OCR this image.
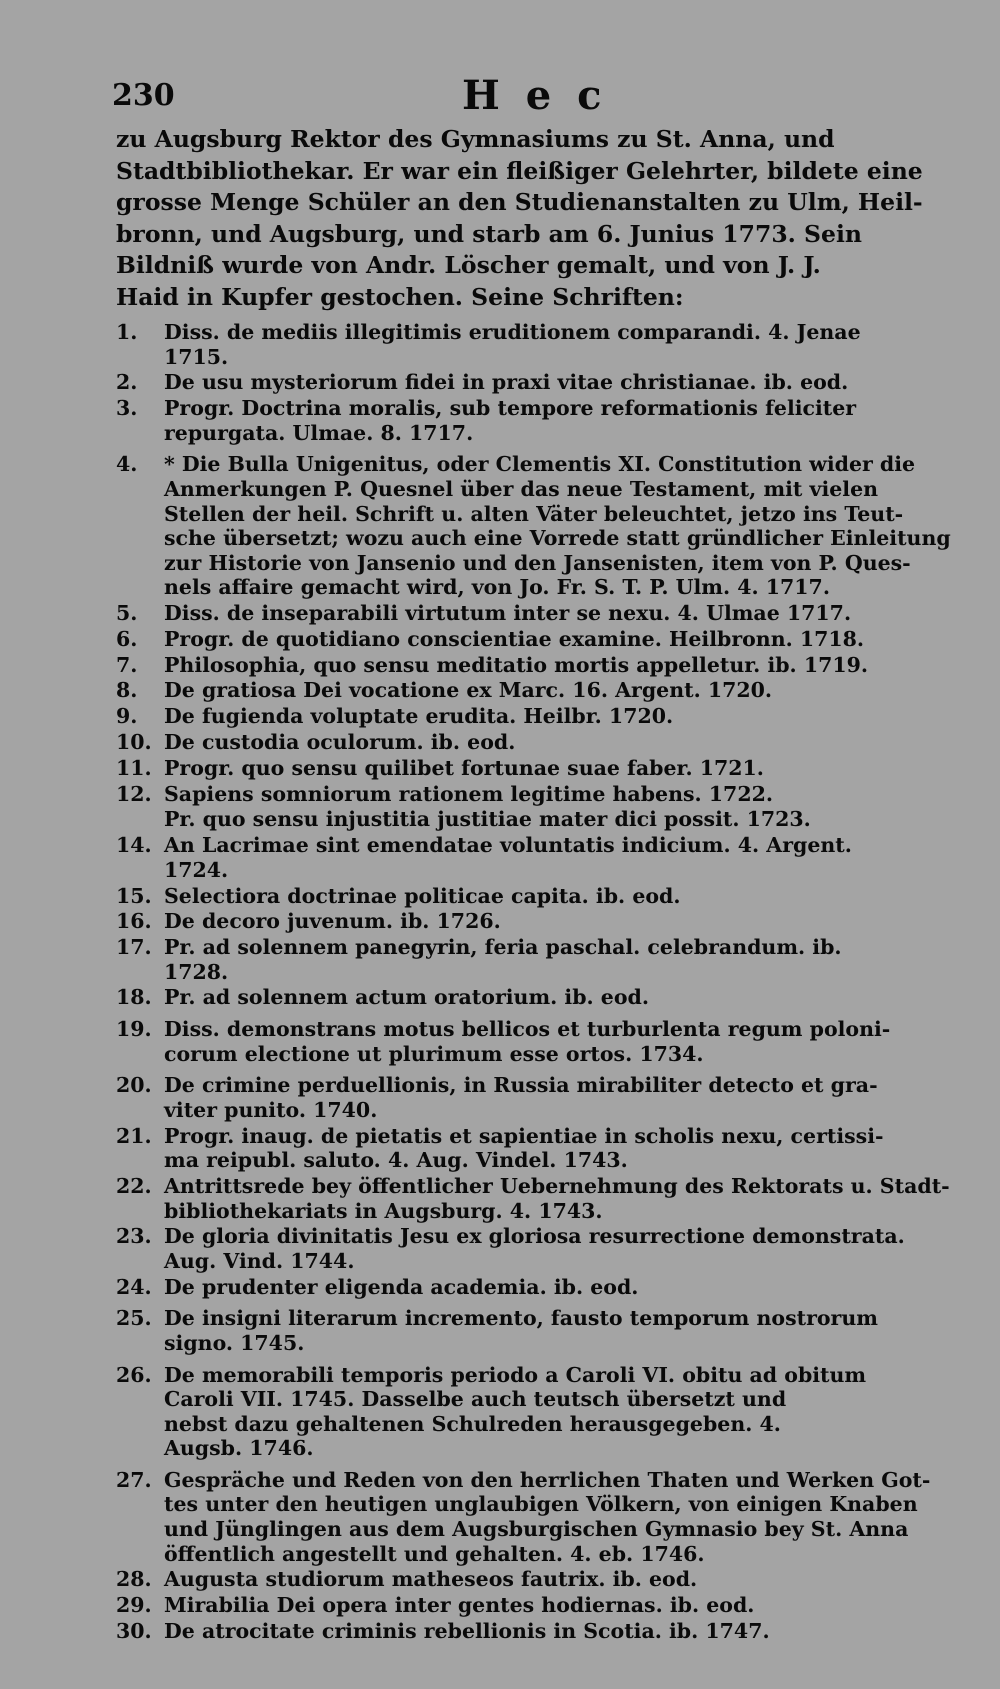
230	H e c

zu Augsburg Rektor des Gymnasiums zu St. Anna, und
Stadtbibliothekar. Er war ein fleißiger Gelehrter, bildete eine
grosse Menge Schüler an den Studienanstalten zu Ulm, Heil-
bronn, und Augsburg, und starb am 6. Junius 1773. Sein
Bildniß wurde von Andr. Löscher gemalt, und von J. J.
Haid in Kupfer gestochen. Seine Schriften:

1.	Diss. de mediis illegitimis eruditionem comparandi. 4. Jenae
1715.
2.	De usu mysteriorum fidei in praxi vitae christianae. ib. eod.
3.	Progr. Doctrina moralis, sub tempore reformationis feliciter
repurgata. Ulmae. 8. 1717.
4.	* Die Bulla Unigenitus, oder Clementis XI. Constitution wider die
Anmerkungen P. Quesnel über das neue Testament, mit vielen
Stellen der heil. Schrift u. alten Väter beleuchtet, jetzo ins Teut-
sche übersetzt; wozu auch eine Vorrede statt gründlicher Einleitung
zur Historie von Jansenio und den Jansenisten, item von P. Ques-
nels affaire gemacht wird, von Jo. Fr. S. T. P. Ulm. 4. 1717.
5.	Diss. de inseparabili virtutum inter se nexu. 4. Ulmae 1717.
6.	Progr. de quotidiano conscientiae examine. Heilbronn. 1718.
7.	Philosophia, quo sensu meditatio mortis appelletur. ib. 1719.
8.	De gratiosa Dei vocatione ex Marc. 16. Argent. 1720.
9.	De fugienda voluptate erudita. Heilbr. 1720.
10. De custodia oculorum. ib. eod.
11. Progr. quo sensu quilibet fortunae suae faber. 1721.
12. Sapiens somniorum rationem legitime habens. 1722.
Pr. quo sensu injustitia justitiae mater dici possit. 1723.
14. An Lacrimae sint emendatae voluntatis indicium. 4. Argent.
1724.
15. Selectiora doctrinae politicae capita. ib. eod.
16. De decoro juvenum. ib. 1726.
17. Pr. ad solennem panegyrin, feria paschal. celebrandum. ib.
1728.
18. Pr. ad solennem actum oratorium. ib. eod.
19. Diss. demonstrans motus bellicos et turburlenta regum poloni-
corum electione ut plurimum esse ortos. 1734.
20. De crimine perduellionis, in Russia mirabiliter detecto et gra-
viter punito. 1740.
21. Progr. inaug. de pietatis et sapientiae in scholis nexu, certissi-
ma reipubl. saluto. 4. Aug. Vindel. 1743.
22. Antrittsrede bey öffentlicher Uebernehmung des Rektorats u. Stadt-
bibliothekariats in Augsburg. 4. 1743.
23. De gloria divinitatis Jesu ex gloriosa resurrectione demonstrata.
Aug. Vind. 1744.
24. De prudenter eligenda academia. ib. eod.
25. De insigni literarum incremento, fausto temporum nostrorum
signo. 1745.
26. De memorabili temporis periodo a Caroli VI. obitu ad obitum
Caroli VII. 1745. Dasselbe auch teutsch übersetzt und
nebst dazu gehaltenen Schulreden herausgegeben. 4.
Augsb. 1746.
27. Gespräche und Reden von den herrlichen Thaten und Werken Got-
tes unter den heutigen unglaubigen Völkern, von einigen Knaben
und Jünglingen aus dem Augsburgischen Gymnasio bey St. Anna
öffentlich angestellt und gehalten. 4. eb. 1746.
28. Augusta studiorum matheseos fautrix. ib. eod.
29. Mirabilia Dei opera inter gentes hodiernas. ib. eod.
30. De atrocitate criminis rebellionis in Scotia. ib. 1747.
